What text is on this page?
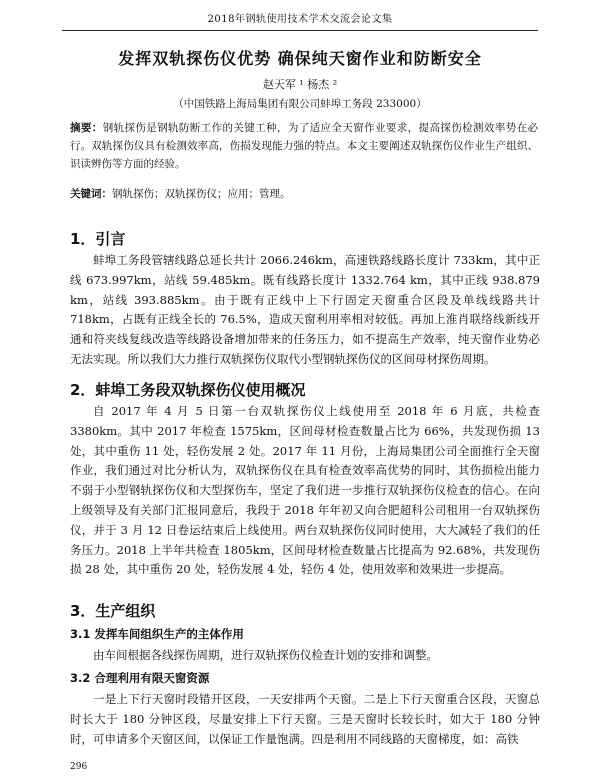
2018年钢轨使用技术学术交流会论文集
发挥双轨探伤仪优势 确保纯天窗作业和防断安全
赵天军 ¹ 杨杰 ²
（中国铁路上海局集团有限公司蚌埠工务段 233000）
摘要：钢轨探伤是钢轨防断工作的关键工种，为了适应全天窗作业要求，提高探伤检测效率势在必行。双轨探伤仪具有检测效率高，伤损发现能力强的特点。本文主要阐述双轨探伤仪作业生产组织、识读辨伤等方面的经验。
关键词：钢轨探伤；双轨探伤仪；应用；管理。
1．引言
蚌埠工务段管辖线路总延长共计 2066.246km，高速铁路线路长度计 733km，其中正线 673.997km，站线 59.485km。既有线路长度计 1332.764 km，其中正线 938.879 km，站线 393.885km。由于既有正线中上下行固定天窗重合区段及单线线路共计 718km，占既有正线全长的 76.5%，造成天窗利用率相对较低。再加上淮肖联络线新线开通和符夹线复线改造等线路设备增加带来的任务压力，如不提高生产效率，纯天窗作业势必无法实现。所以我们大力推行双轨探伤仪取代小型钢轨探伤仪的区间母材探伤周期。
2．蚌埠工务段双轨探伤仪使用概况
自 2017 年 4 月 5 日第一台双轨探伤仪上线使用至 2018 年 6 月底，共检查 3380km。其中 2017 年检查 1575km，区间母材检查数量占比为 66%，共发现伤损 13 处，其中重伤 11 处，轻伤发展 2 处。2017 年 11 月份，上海局集团公司全面推行全天窗作业，我们通过对比分析认为，双轨探伤仪在具有检查效率高优势的同时，其伤损检出能力不弱于小型钢轨探伤仪和大型探伤车，坚定了我们进一步推行双轨探伤仪检查的信心。在向上级领导及有关部门汇报同意后，我段于 2018 年年初又向合肥超科公司租用一台双轨探伤仪，并于 3 月 12 日卷运结束后上线使用。两台双轨探伤仪同时使用，大大减轻了我们的任务压力。2018 上半年共检查 1805km，区间母材检查数量占比提高为 92.68%，共发现伤损 28 处，其中重伤 20 处，轻伤发展 4 处，轻伤 4 处，使用效率和效果进一步提高。
3．生产组织
3.1 发挥车间组织生产的主体作用
由车间根据各线探伤周期，进行双轨探伤仪检查计划的安排和调整。
3.2 合理利用有限天窗资源
一是上下行天窗时段错开区段，一天安排两个天窗。二是上下行天窗重合区段，天窗总时长大于 180 分钟区段，尽量安排上下行天窗。三是天窗时长较长时，如大于 180 分钟时，可申请多个天窗区间，以保证工作量饱满。四是利用不同线路的天窗梯度，如：高铁
296
